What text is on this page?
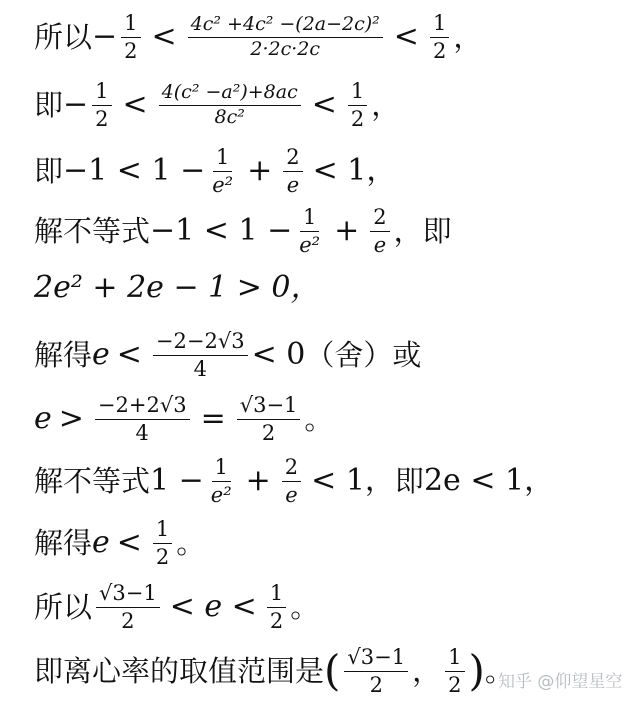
所以 − $\frac{1}{2} < \frac{\text{4c² +4c² −(2a−2c)²}}{2\cdot 2c\cdot 2c} < \frac{1}{2}$ ，
即 − $\frac{1}{2} < \frac{\text{4(c² −a²)+8ac}}{\text{8c²}} < \frac{1}{2}$ ，
即 $-1 < 1 - \frac{1}{\text{e²}} + \frac{2}{e} < 1$，
解不等式 $-1 < 1 - \frac{1}{\text{e²}} + \frac{2}{e}$ ，即
2e² + 2e − 1 > 0，
解得 $e < \frac{-2-2√3}{4} < 0$ （舍）或
$e > \frac{-2+2√3}{4} = \frac{√3-1}{2}$ 。
解不等式 $1 - \frac{1}{\text{e²}} + \frac{2}{e} < 1$， 即 2e < 1，
解得 $e < \frac{1}{2}$ 。
所以 $\frac{√3-1}{2} < e < \frac{1}{2}$ 。
即离心率的取值范围是 ( $\frac{√3-1}{2}$ ， $\frac{1}{2}$ ) 。
知乎 @仰望星空
